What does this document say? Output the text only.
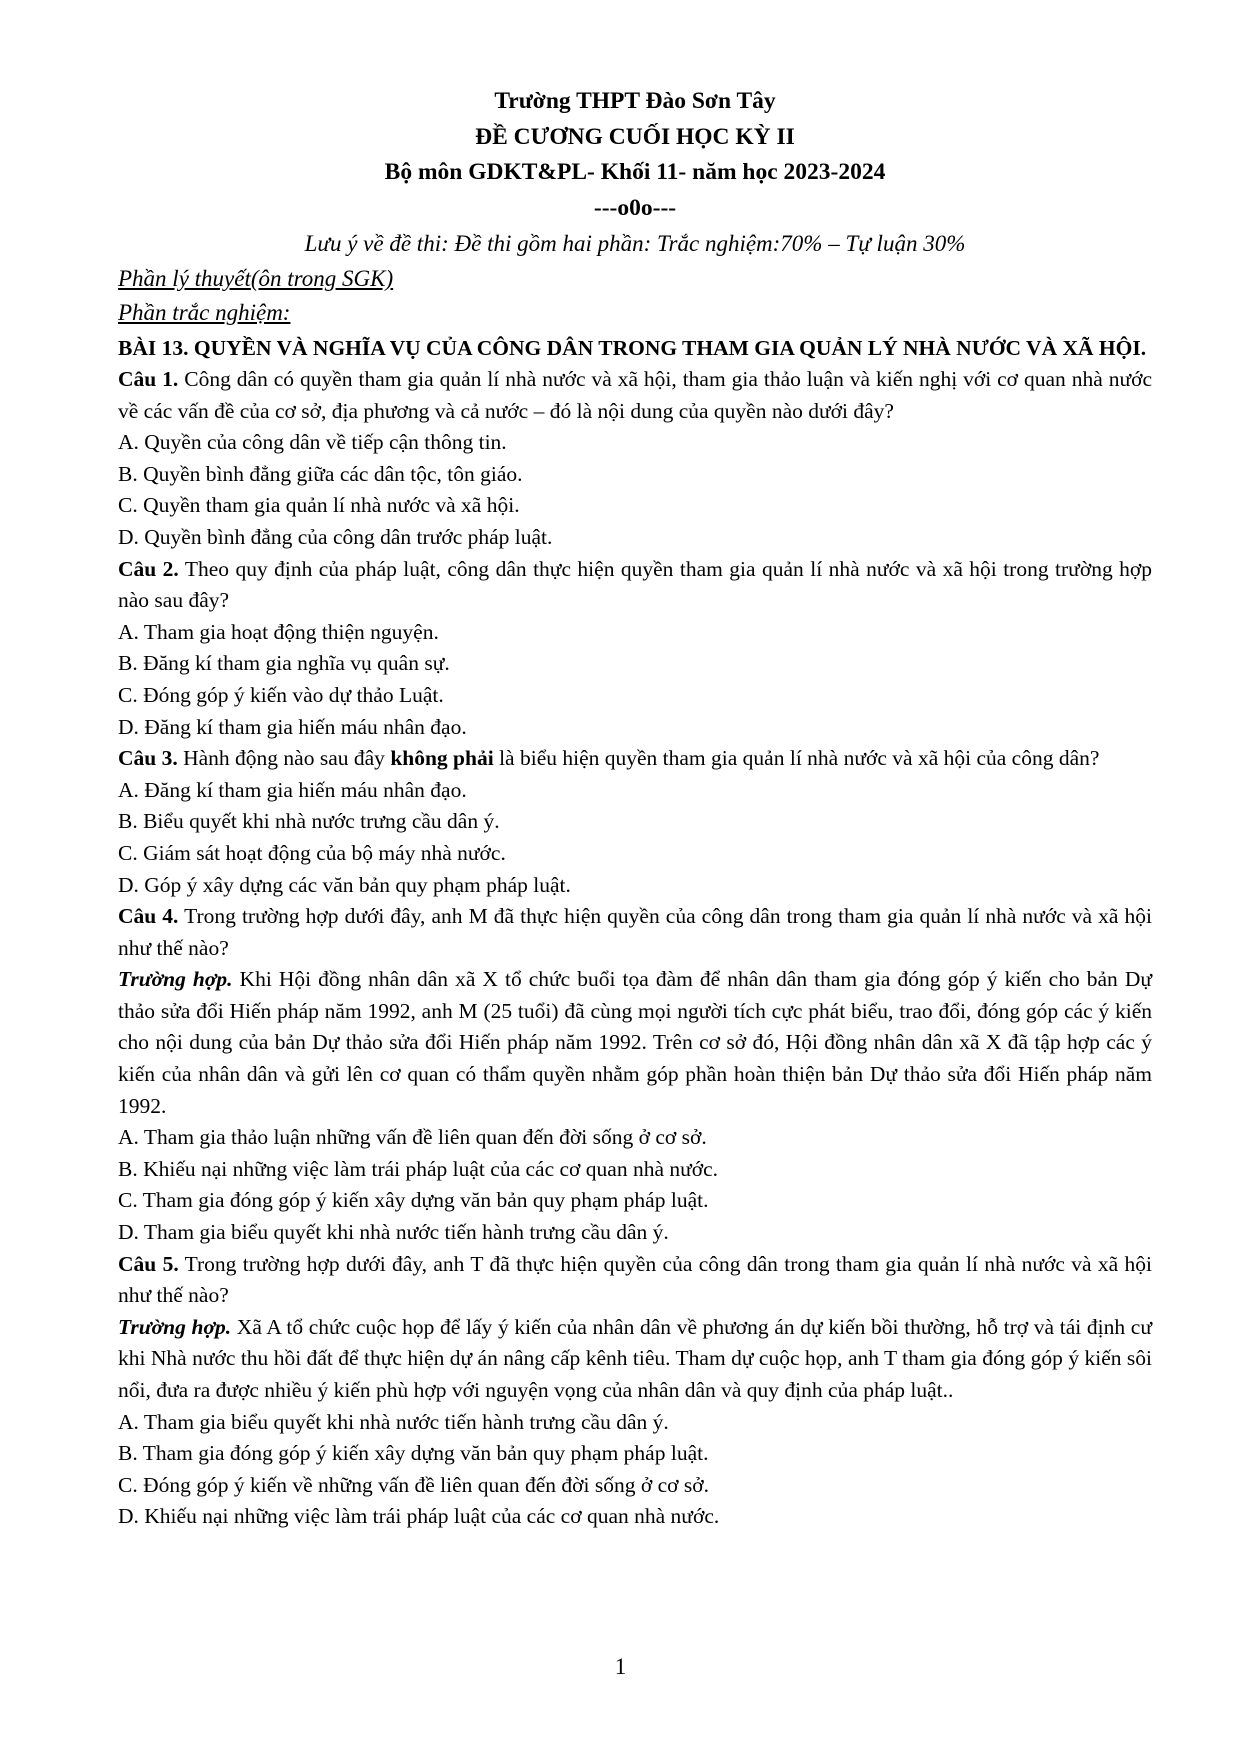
Trường THPT Đào Sơn Tây
ĐỀ CƯƠNG CUỐI HỌC KỲ II
Bộ môn GDKT&PL- Khối 11- năm học 2023-2024
---o0o---
Lưu ý về đề thi: Đề thi gồm hai phần: Trắc nghiệm:70% – Tự luận 30%
Phần lý thuyết(ôn trong SGK)
Phần trắc nghiệm:
BÀI 13. QUYỀN VÀ NGHĨA VỤ CỦA CÔNG DÂN TRONG THAM GIA QUẢN LÝ NHÀ NƯỚC VÀ XÃ HỘI.
Câu 1. Công dân có quyền tham gia quản lí nhà nước và xã hội, tham gia thảo luận và kiến nghị với cơ quan nhà nước về các vấn đề của cơ sở, địa phương và cả nước – đó là nội dung của quyền nào dưới đây?
A. Quyền của công dân về tiếp cận thông tin.
B. Quyền bình đẳng giữa các dân tộc, tôn giáo.
C. Quyền tham gia quản lí nhà nước và xã hội.
D. Quyền bình đẳng của công dân trước pháp luật.
Câu 2. Theo quy định của pháp luật, công dân thực hiện quyền tham gia quản lí nhà nước và xã hội trong trường hợp nào sau đây?
A. Tham gia hoạt động thiện nguyện.
B. Đăng kí tham gia nghĩa vụ quân sự.
C. Đóng góp ý kiến vào dự thảo Luật.
D. Đăng kí tham gia hiến máu nhân đạo.
Câu 3. Hành động nào sau đây không phải là biểu hiện quyền tham gia quản lí nhà nước và xã hội của công dân?
A. Đăng kí tham gia hiến máu nhân đạo.
B. Biểu quyết khi nhà nước trưng cầu dân ý.
C. Giám sát hoạt động của bộ máy nhà nước.
D. Góp ý xây dựng các văn bản quy phạm pháp luật.
Câu 4. Trong trường hợp dưới đây, anh M đã thực hiện quyền của công dân trong tham gia quản lí nhà nước và xã hội như thế nào?
Trường hợp. Khi Hội đồng nhân dân xã X tổ chức buổi tọa đàm để nhân dân tham gia đóng góp ý kiến cho bản Dự thảo sửa đổi Hiến pháp năm 1992, anh M (25 tuổi) đã cùng mọi người tích cực phát biểu, trao đổi, đóng góp các ý kiến cho nội dung của bản Dự thảo sửa đổi Hiến pháp năm 1992. Trên cơ sở đó, Hội đồng nhân dân xã X đã tập hợp các ý kiến của nhân dân và gửi lên cơ quan có thẩm quyền nhằm góp phần hoàn thiện bản Dự thảo sửa đổi Hiến pháp năm 1992.
A. Tham gia thảo luận những vấn đề liên quan đến đời sống ở cơ sở.
B. Khiếu nại những việc làm trái pháp luật của các cơ quan nhà nước.
C. Tham gia đóng góp ý kiến xây dựng văn bản quy phạm pháp luật.
D. Tham gia biểu quyết khi nhà nước tiến hành trưng cầu dân ý.
Câu 5. Trong trường hợp dưới đây, anh T đã thực hiện quyền của công dân trong tham gia quản lí nhà nước và xã hội như thế nào?
Trường hợp. Xã A tổ chức cuộc họp để lấy ý kiến của nhân dân về phương án dự kiến bồi thường, hỗ trợ và tái định cư khi Nhà nước thu hồi đất để thực hiện dự án nâng cấp kênh tiêu. Tham dự cuộc họp, anh T tham gia đóng góp ý kiến sôi nổi, đưa ra được nhiều ý kiến phù hợp với nguyện vọng của nhân dân và quy định của pháp luật..
A. Tham gia biểu quyết khi nhà nước tiến hành trưng cầu dân ý.
B. Tham gia đóng góp ý kiến xây dựng văn bản quy phạm pháp luật.
C. Đóng góp ý kiến về những vấn đề liên quan đến đời sống ở cơ sở.
D. Khiếu nại những việc làm trái pháp luật của các cơ quan nhà nước.
1
